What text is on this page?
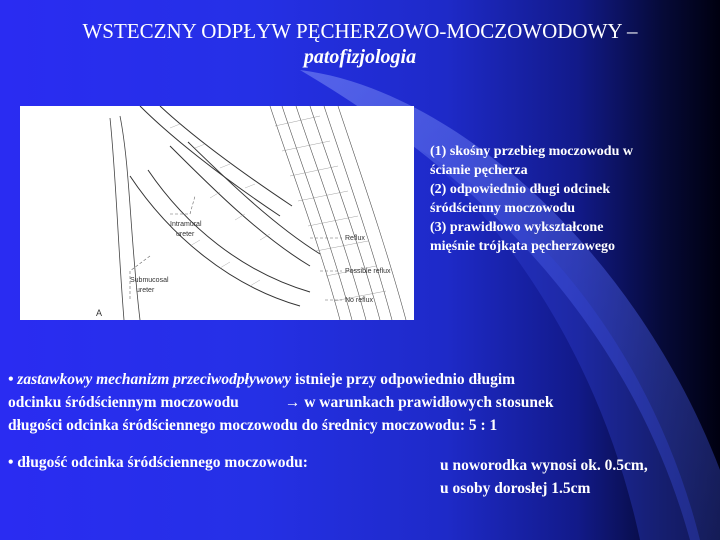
WSTECZNY ODPŁYW PĘCHERZOWO-MOCZOWODOWY –
patofizjologia
Intramural
ureter
Submucosal
ureter
Reflux
Possible reflux
No reflux
A
(1) skośny przebieg moczowodu w
ścianie pęcherza
(2) odpowiednio długi odcinek
śródścienny moczowodu
(3) prawidłowo wykształcone
mięśnie trójkąta pęcherzowego
• zastawkowy mechanizm przeciwodpływowy istnieje przy odpowiednio długim
odcinku śródściennym moczowodu	→ w warunkach prawidłowych stosunek
długości odcinka śródściennego moczowodu do średnicy moczowodu: 5 : 1
• długość odcinka śródściennego moczowodu:	u noworodka wynosi ok. 0.5cm,
u osoby dorosłej 1.5cm
